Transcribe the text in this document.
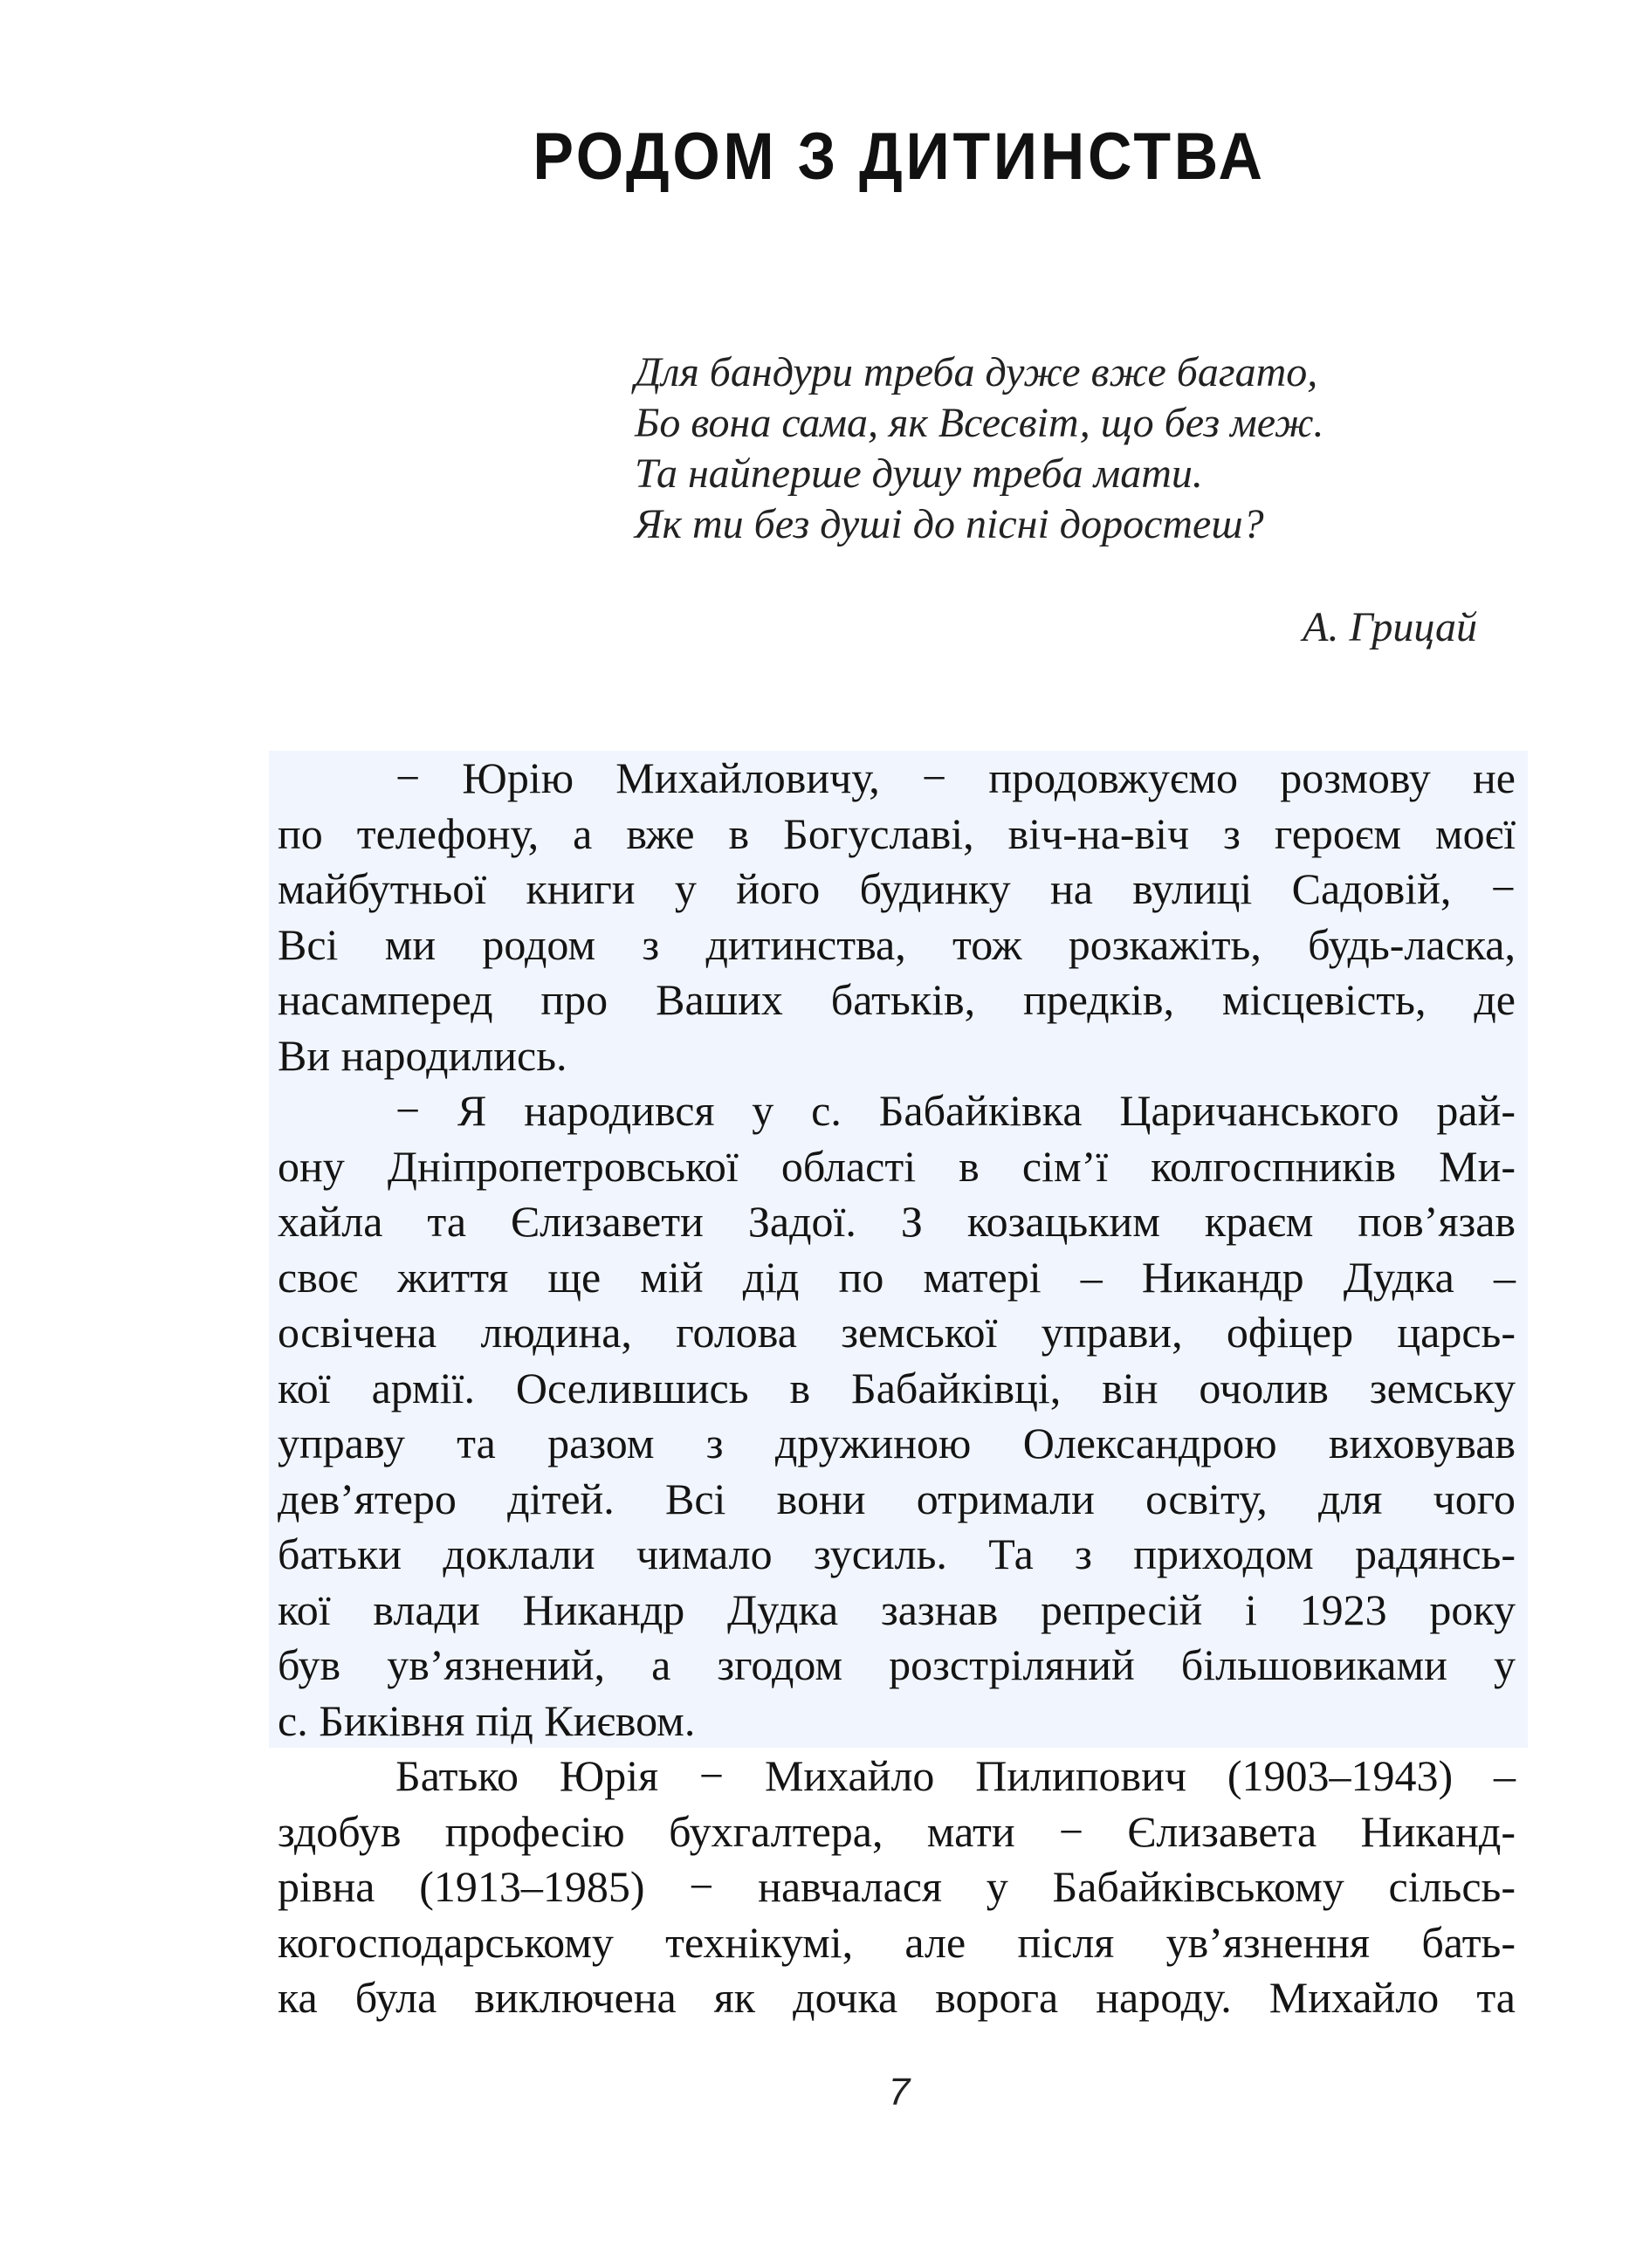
РОДОМ З ДИТИНСТВА
Для бандури треба дуже вже багато,
Бо вона сама, як Всесвіт, що без меж.
Та найперше душу треба мати.
Як ти без душі до пісні доростеш?
А. Грицай
− Юрію Михайловичу, − продовжуємо розмову не
по телефону, а вже в Богуславі, віч-на-віч з героєм моєї
майбутньої книги у його будинку на вулиці Садовій, −
Всі ми родом з дитинства, тож розкажіть, будь-ласка,
насамперед про Ваших батьків, предків, місцевість, де
Ви народились.
− Я народився у с. Бабайківка Царичанського рай-
ону Дніпропетровської області в сім’ї колгоспників Ми-
хайла та Єлизавети Задої. З козацьким краєм пов’язав
своє життя ще мій дід по матері – Никандр Дудка –
освічена людина, голова земської управи, офіцер царсь-
кої армії. Оселившись в Бабайківці, він очолив земську
управу та разом з дружиною Олександрою виховував
дев’ятеро дітей. Всі вони отримали освіту, для чого
батьки доклали чимало зусиль. Та з приходом радянсь-
кої влади Никандр Дудка зазнав репресій і 1923 року
був ув’язнений, а згодом розстріляний більшовиками у
с. Биківня під Києвом.
Батько Юрія − Михайло Пилипович (1903–1943) –
здобув професію бухгалтера, мати − Єлизавета Никанд-
рівна (1913–1985) − навчалася у Бабайківському сільсь-
когосподарському технікумі, але після ув’язнення бать-
ка була виключена як дочка ворога народу. Михайло та
7
